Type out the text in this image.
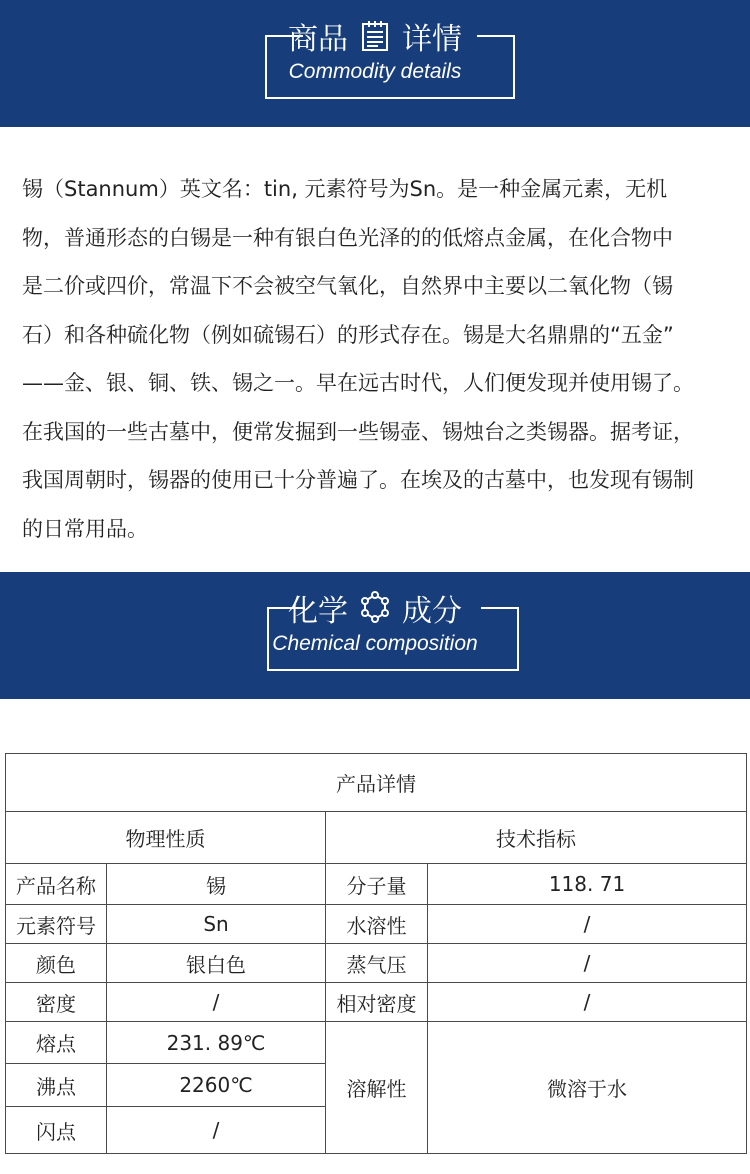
商品 详情
Commodity details
锡（Stannum）英文名：tin, 元素符号为Sn。是一种金属元素，无机
物，普通形态的白锡是一种有银白色光泽的的低熔点金属，在化合物中
是二价或四价，常温下不会被空气氧化，自然界中主要以二氧化物（锡
石）和各种硫化物（例如硫锡石）的形式存在。锡是大名鼎鼎的“五金”
——金、银、铜、铁、锡之一。早在远古时代，人们便发现并使用锡了。
在我国的一些古墓中，便常发掘到一些锡壶、锡烛台之类锡器。据考证，
我国周朝时，锡器的使用已十分普遍了。在埃及的古墓中，也发现有锡制
的日常用品。
化学 成分
Chemical composition
产品详情			
物理性质		技术指标	
产品名称	锡	分子量	118. 71
元素符号	Sn	水溶性	/
颜色	银白色	蒸气压	/
密度	/	相对密度	/
熔点	231. 89℃	溶解性	微溶于水
沸点	2260℃		
闪点	/		
